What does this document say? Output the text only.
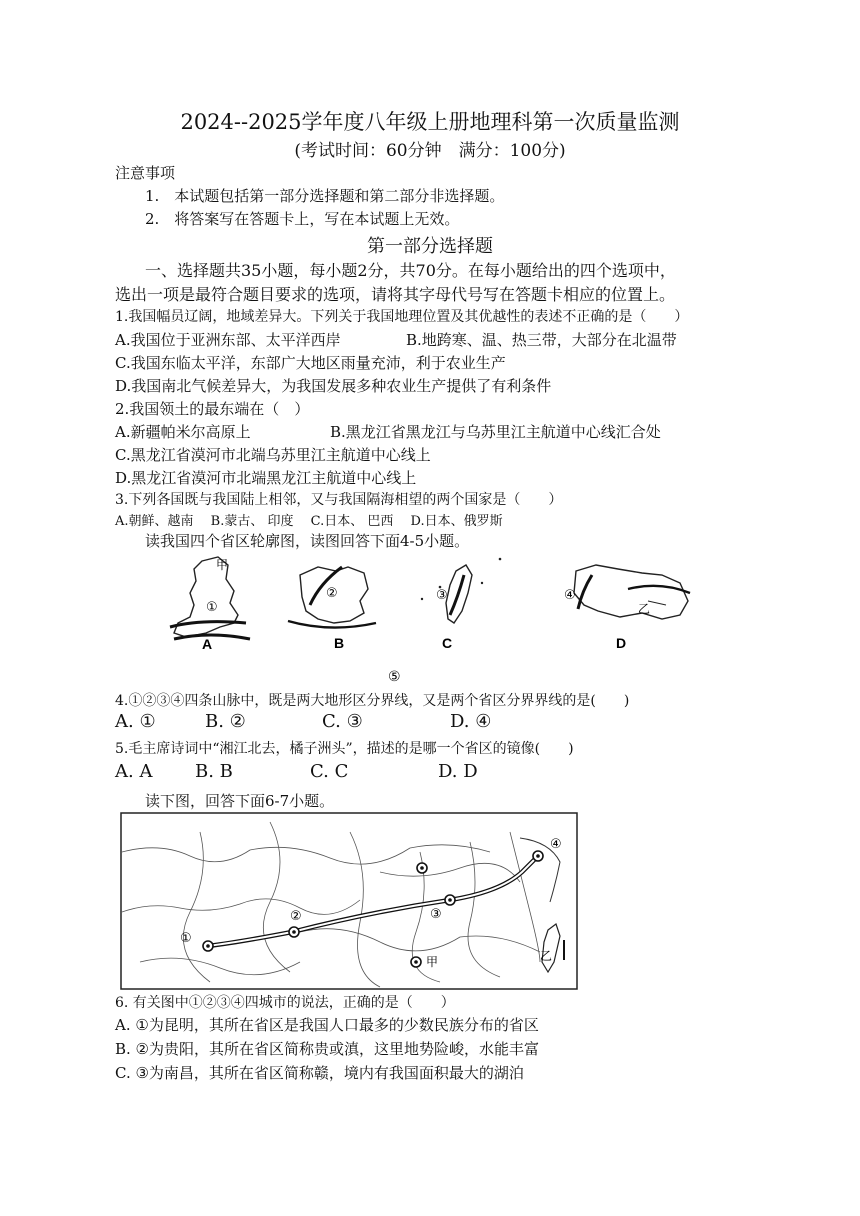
2024--2025学年度八年级上册地理科第一次质量监测
(考试时间：60分钟　满分：100分)
注意事项
1.　本试题包括第一部分选择题和第二部分非选择题。
2.　将答案写在答题卡上，写在本试题上无效。
第一部分选择题
一、选择题共35小题，每小题2分，共70分。在每小题给出的四个选项中，
选出一项是最符合题目要求的选项，请将其字母代号写在答题卡相应的位置上。
1.我国幅员辽阔，地域差异大。下列关于我国地理位置及其优越性的表述不正确的是（　　）
A.我国位于亚洲东部、太平洋西岸	B.地跨寒、温、热三带，大部分在北温带
C.我国东临太平洋，东部广大地区雨量充沛，利于农业生产
D.我国南北气候差异大，为我国发展多种农业生产提供了有利条件
2.我国领土的最东端在（　）
A.新疆帕米尔高原上	B.黑龙江省黑龙江与乌苏里江主航道中心线汇合处
C.黑龙江省漠河市北端乌苏里江主航道中心线上
D.黑龙江省漠河市北端黑龙江主航道中心线上
3.下列各国既与我国陆上相邻，又与我国隔海相望的两个国家是（　　）
A.朝鲜、越南　 B.蒙古、 印度　 C.日本、 巴西　 D.日本、俄罗斯
读我国四个省区轮廓图，读图回答下面4-5小题。
甲
①
A
②
B
③
C
④
乙
D
⑤
4.①②③④四条山脉中，既是两大地形区分界线，又是两个省区分界界线的是(　　)
A. ①	B. ②	C. ③	D. ④
5.毛主席诗词中“湘江北去，橘子洲头”，描述的是哪一个省区的镜像(　　)
A. A B. B	C. C	D. D
读下图，回答下面6-7小题。
①
②	③
④
甲	乙
6. 有关图中①②③④四城市的说法，正确的是（　　）
A. ①为昆明，其所在省区是我国人口最多的少数民族分布的省区
B. ②为贵阳，其所在省区简称贵或滇，这里地势险峻，水能丰富
C. ③为南昌，其所在省区简称赣，境内有我国面积最大的湖泊
